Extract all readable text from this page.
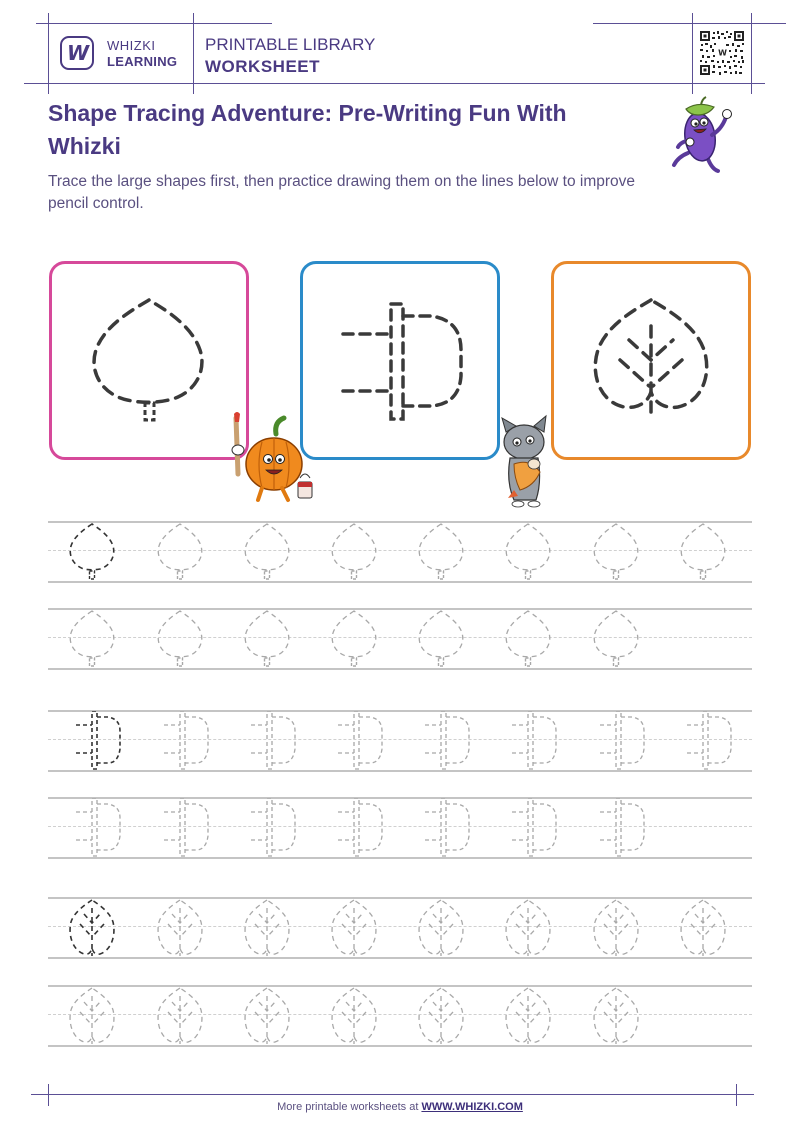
W WHIZKI
LEARNING
PRINTABLE LIBRARY
WORKSHEET
W
Shape Tracing Adventure: Pre-Writing Fun With Whizki
Trace the large shapes first, then practice drawing them on the lines below to improve pencil control.
More printable worksheets at WWW.WHIZKI.COM
